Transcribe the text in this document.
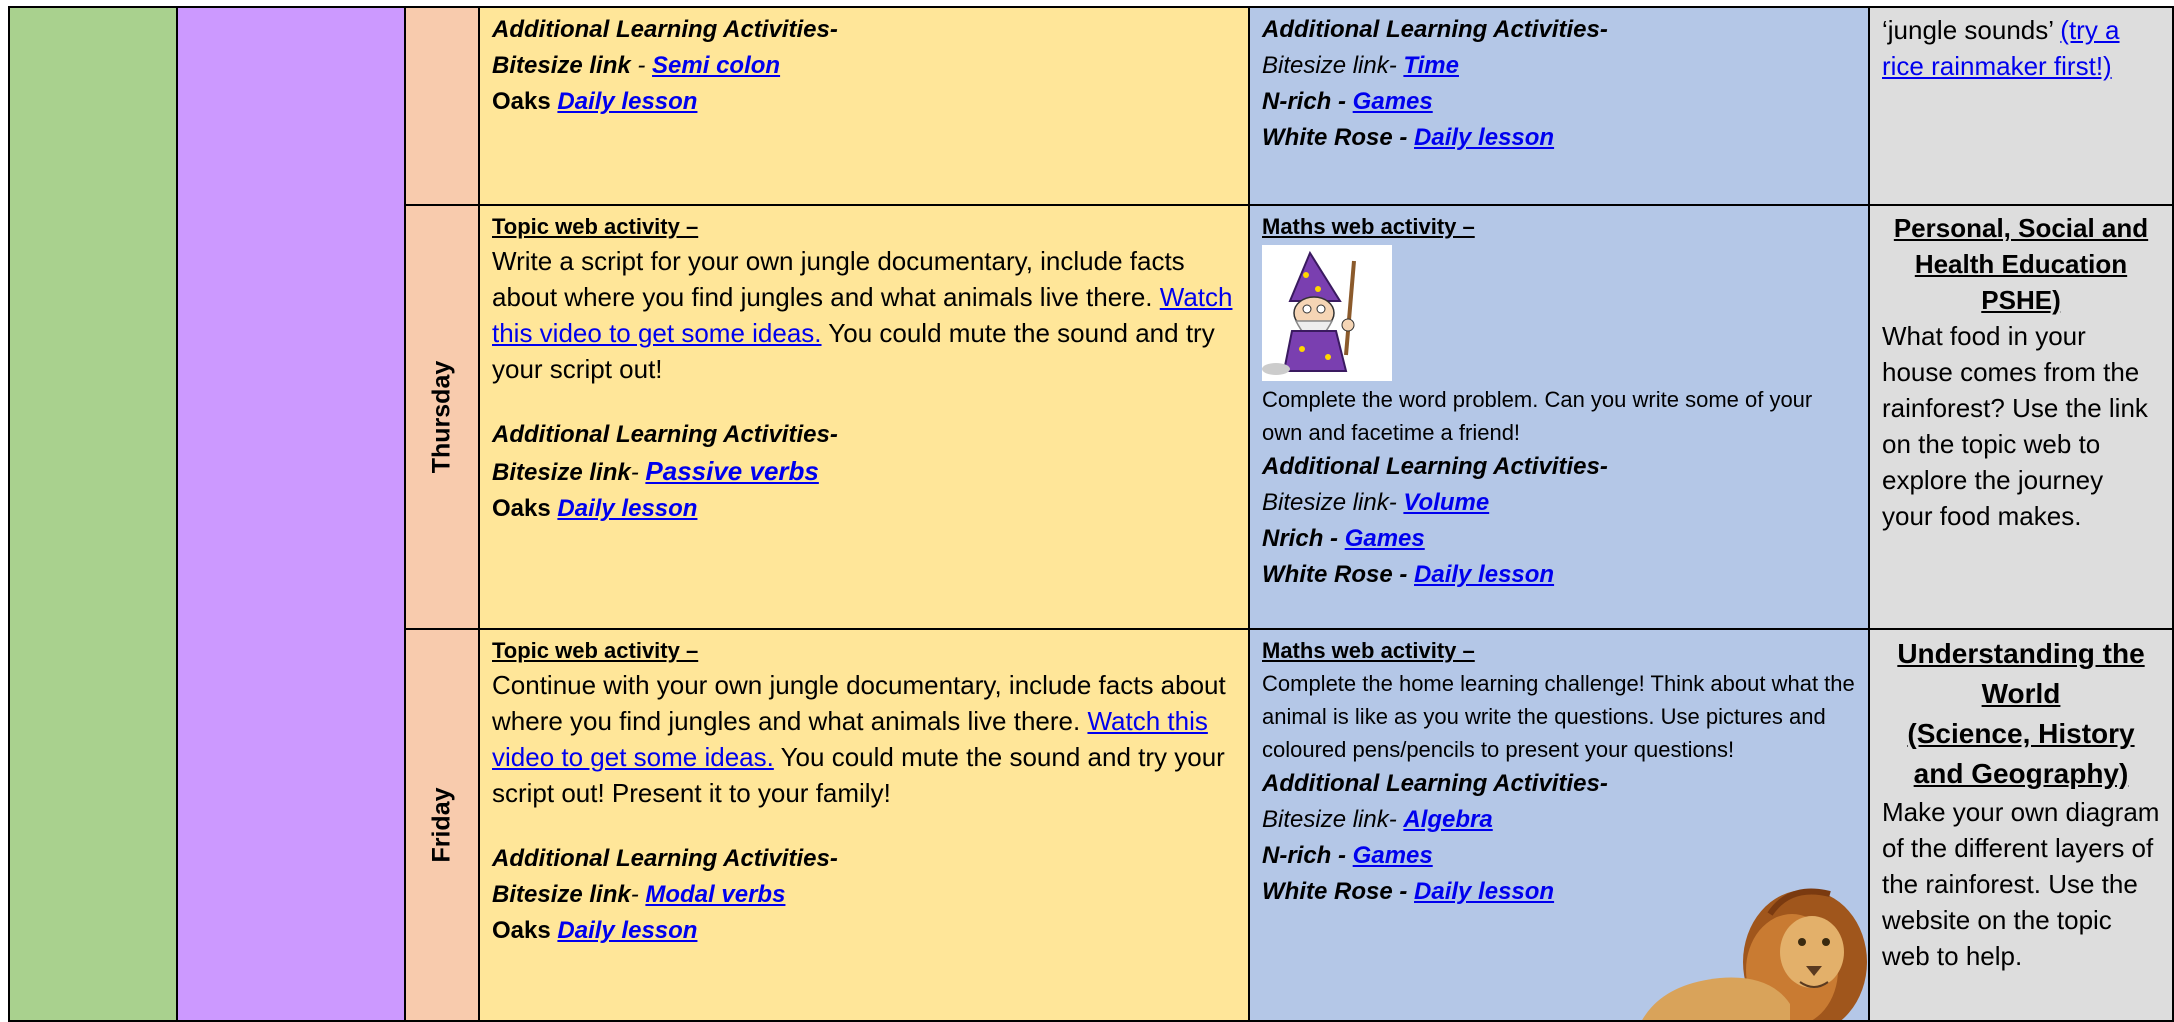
Additional Learning Activities-
Bitesize link - Semi colon
Oaks Daily lesson
Additional Learning Activities-
Bitesize link- Time
N-rich - Games
White Rose - Daily lesson
‘jungle sounds’ (try a rice rainmaker first!)
Thursday
Topic web activity –
Write a script for your own jungle documentary, include facts about where you find jungles and what animals live there. Watch this video to get some ideas. You could mute the sound and try your script out!
Additional Learning Activities-
Bitesize link- Passive verbs
Oaks Daily lesson
Maths web activity –
Complete the word problem. Can you write some of your own and facetime a friend!
Additional Learning Activities-
Bitesize link- Volume
Nrich - Games
White Rose - Daily lesson
Personal, Social and Health Education PSHE)
What food in your house comes from the rainforest? Use the link on the topic web to explore the journey your food makes.
Friday
Topic web activity –
Continue with your own jungle documentary, include facts about where you find jungles and what animals live there. Watch this video to get some ideas. You could mute the sound and try your script out! Present it to your family!
Additional Learning Activities-
Bitesize link- Modal verbs
Oaks Daily lesson
Maths web activity –
Complete the home learning challenge! Think about what the animal is like as you write the questions. Use pictures and coloured pens/pencils to present your questions!
Additional Learning Activities-
Bitesize link- Algebra
N-rich - Games
White Rose - Daily lesson
Understanding the World
(Science, History and Geography)
Make your own diagram of the different layers of the rainforest. Use the website on the topic web to help.
